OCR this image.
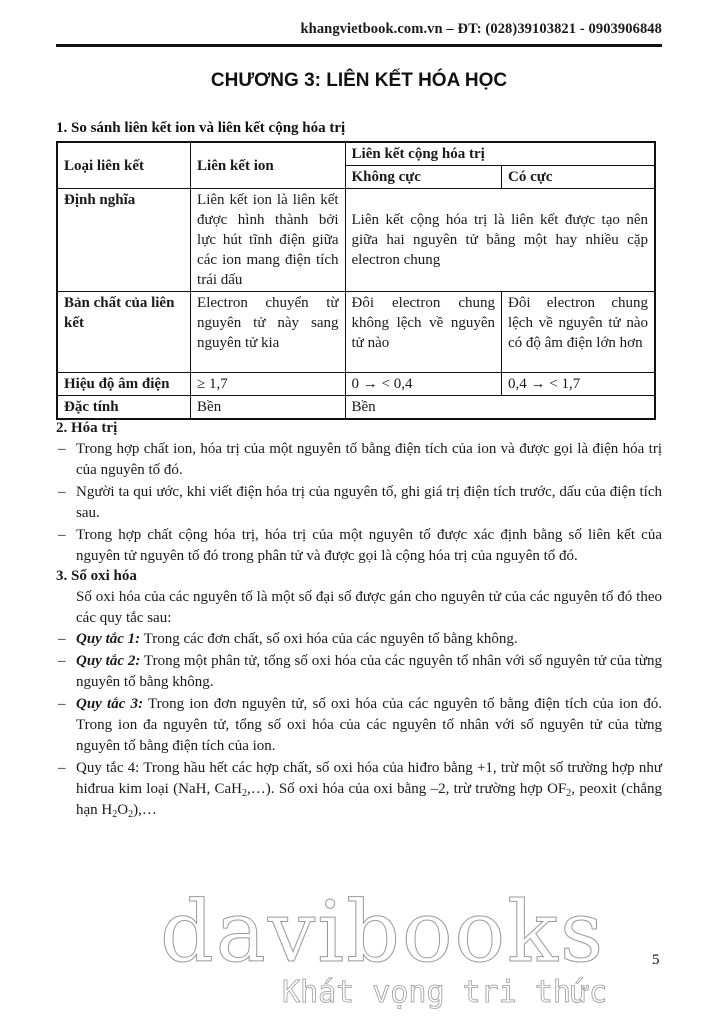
khangvietbook.com.vn – ĐT: (028)39103821 - 0903906848
CHƯƠNG 3: LIÊN KẾT HÓA HỌC
1. So sánh liên kết ion và liên kết cộng hóa trị
Loại liên kết	Liên kết ion	Liên kết cộng hóa trị	
		Không cực	Có cực
Định nghĩa	Liên kết ion là liên kết được hình thành bởi lực hút tĩnh điện giữa các ion mang điện tích trái dấu	Liên kết cộng hóa trị là liên kết được tạo nên giữa hai nguyên tử bằng một hay nhiều cặp electron chung	
Bản chất của liên kết	Electron chuyển từ nguyên tử này sang nguyên tử kia	Đôi electron chung không lệch về nguyên tử nào	Đôi electron chung lệch về nguyên tử nào có độ âm điện lớn hơn
Hiệu độ âm điện	≥ 1,7	0 → < 0,4	0,4 → < 1,7
Đặc tính	Bền	Bền	
2. Hóa trị
– Trong hợp chất ion, hóa trị của một nguyên tố bằng điện tích của ion và được gọi là điện hóa trị của nguyên tố đó.
– Người ta qui ước, khi viết điện hóa trị của nguyên tố, ghi giá trị điện tích trước, dấu của điện tích sau.
– Trong hợp chất cộng hóa trị, hóa trị của một nguyên tố được xác định bằng số liên kết của nguyên tử nguyên tố đó trong phân tử và được gọi là cộng hóa trị của nguyên tố đó.
3. Số oxi hóa
Số oxi hóa của các nguyên tố là một số đại số được gán cho nguyên tử của các nguyên tố đó theo các quy tắc sau:
– Quy tắc 1: Trong các đơn chất, số oxi hóa của các nguyên tố bằng không.
– Quy tắc 2: Trong một phân tử, tổng số oxi hóa của các nguyên tố nhân với số nguyên tử của từng nguyên tố bằng không.
– Quy tắc 3: Trong ion đơn nguyên tử, số oxi hóa của các nguyên tố bằng điện tích của ion đó. Trong ion đa nguyên tử, tổng số oxi hóa của các nguyên tố nhân với số nguyên tử của từng nguyên tố bằng điện tích của ion.
– Quy tắc 4: Trong hầu hết các hợp chất, số oxi hóa của hiđro bằng +1, trừ một số trường hợp như hiđrua kim loại (NaH, CaH$_2$,…). Số oxi hóa của oxi bằng –2, trừ trường hợp $OF_2$, peoxit (chẳng hạn $H_2O_2),\dots$
davibooks
Khát vọng tri thức
5
